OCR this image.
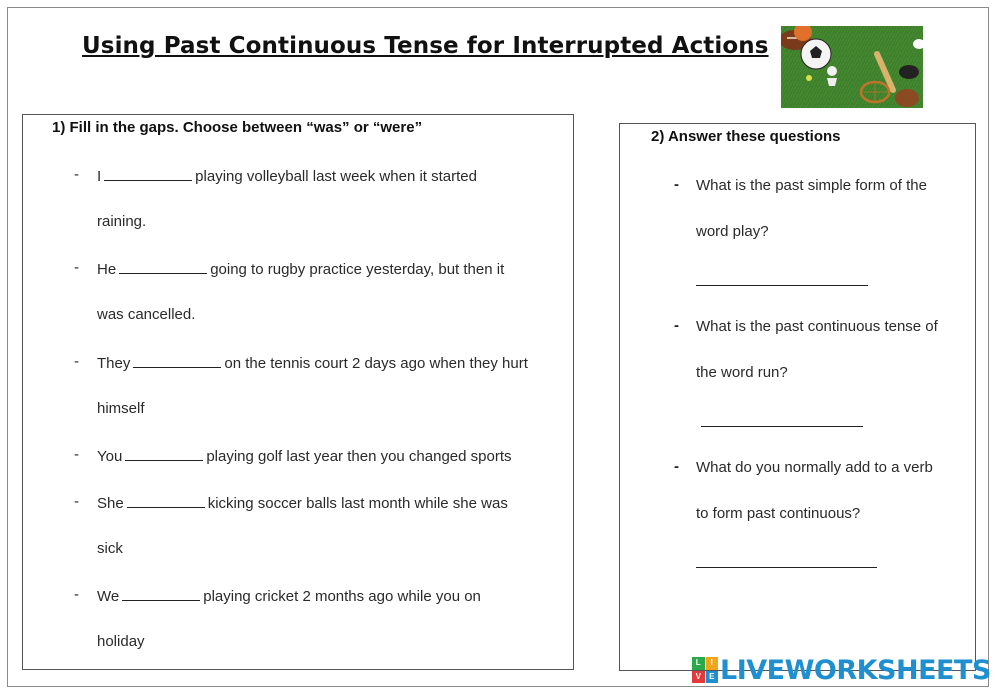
Using Past Continuous Tense for Interrupted Actions
1) Fill in the gaps. Choose between “was” or “were”
- I	playing volleyball last week when it started
raining.
- He	going to rugby practice yesterday, but then it
was cancelled.
- They	on the tennis court 2 days ago when they hurt
himself
- You	playing golf last year then you changed sports
- She	kicking soccer balls last month while she was
sick
- We	playing cricket 2 months ago while you on
holiday
2) Answer these questions
- What is the past simple form of the
word play?
- What is the past continuous tense of
the word run?
- What do you normally add to a verb
to form past continuous?
L	I
V	E LIVEWORKSHEETS
